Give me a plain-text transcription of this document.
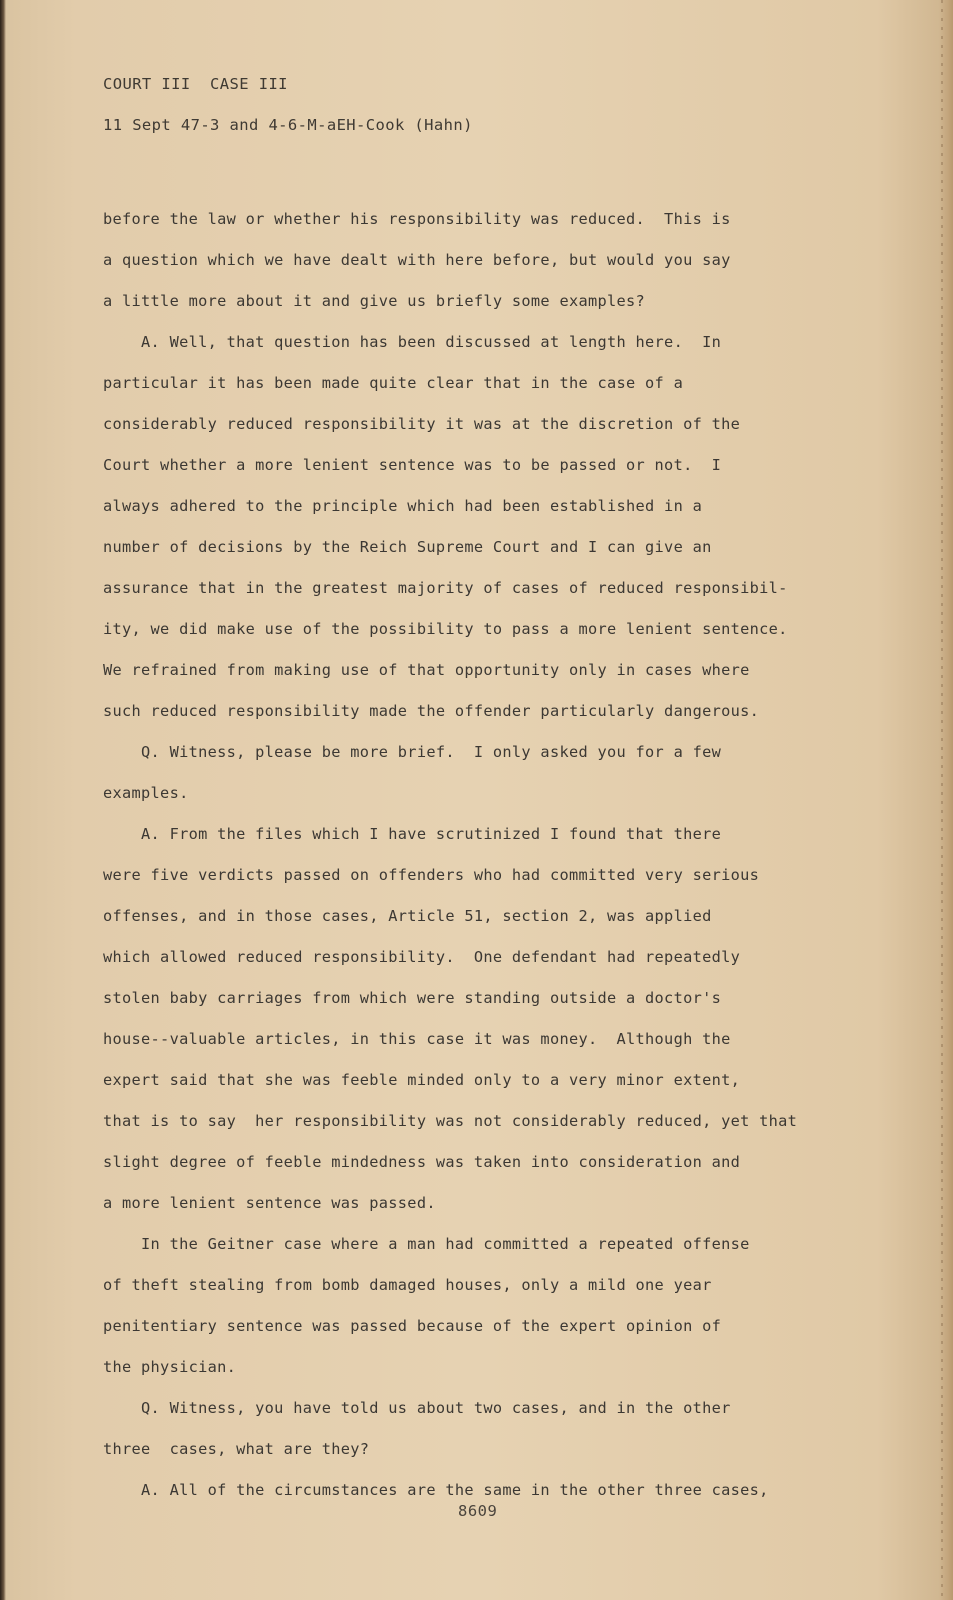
COURT III  CASE III

11 Sept 47-3 and 4-6-M-aEH-Cook (Hahn)

before the law or whether his responsibility was reduced.  This is
a question which we have dealt with here before, but would you say
a little more about it and give us briefly some examples?
A. Well, that question has been discussed at length here.  In
particular it has been made quite clear that in the case of a
considerably reduced responsibility it was at the discretion of the
Court whether a more lenient sentence was to be passed or not.  I
always adhered to the principle which had been established in a
number of decisions by the Reich Supreme Court and I can give an
assurance that in the greatest majority of cases of reduced responsibil-
ity, we did make use of the possibility to pass a more lenient sentence.
We refrained from making use of that opportunity only in cases where
such reduced responsibility made the offender particularly dangerous.
Q. Witness, please be more brief.  I only asked you for a few
examples.
A. From the files which I have scrutinized I found that there
were five verdicts passed on offenders who had committed very serious
offenses, and in those cases, Article 51, section 2, was applied
which allowed reduced responsibility.  One defendant had repeatedly
stolen baby carriages from which were standing outside a doctor's
house--valuable articles, in this case it was money.  Although the
expert said that she was feeble minded only to a very minor extent,
that is to say  her responsibility was not considerably reduced, yet that
slight degree of feeble mindedness was taken into consideration and
a more lenient sentence was passed.
In the Geitner case where a man had committed a repeated offense
of theft stealing from bomb damaged houses, only a mild one year
penitentiary sentence was passed because of the expert opinion of
the physician.
Q. Witness, you have told us about two cases, and in the other
three  cases, what are they?
A. All of the circumstances are the same in the other three cases,
8609
